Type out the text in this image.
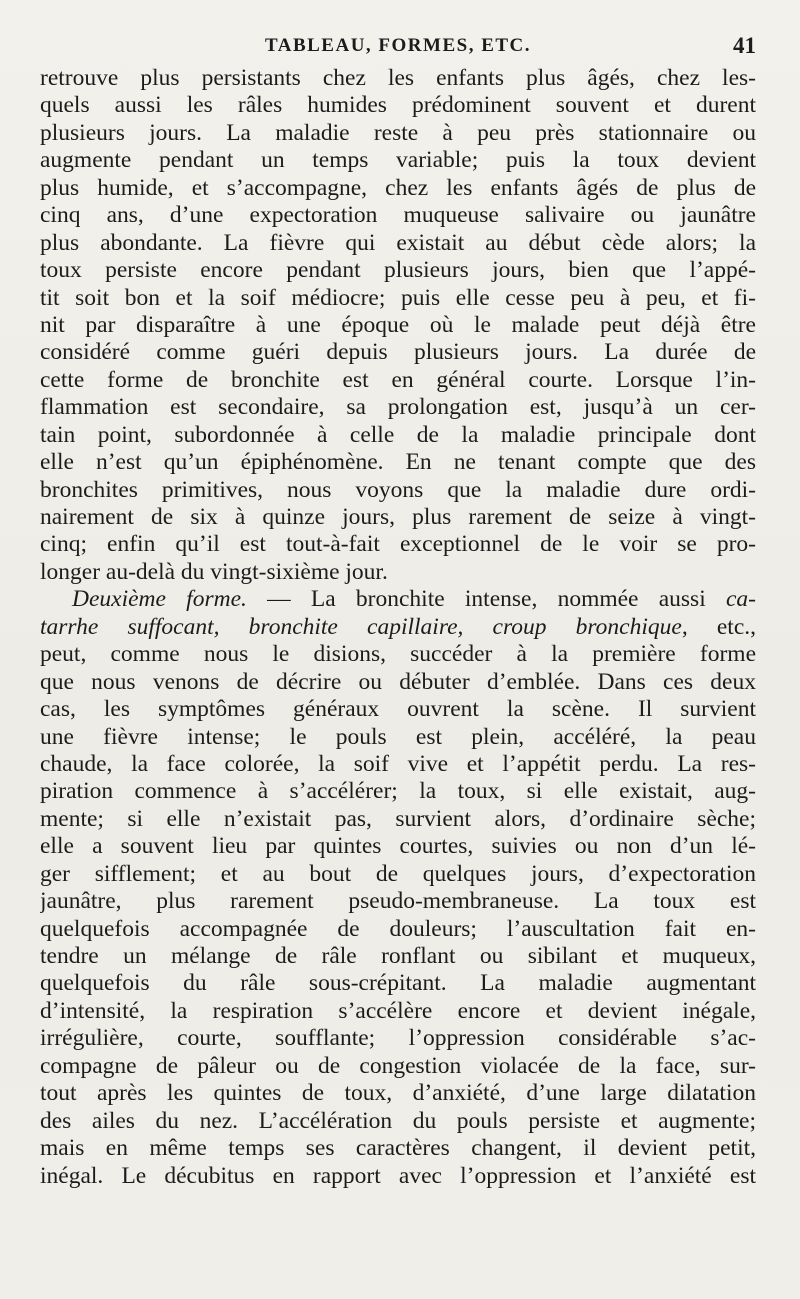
TABLEAU, FORMES, ETC.	41
retrouve plus persistants chez les enfants plus âgés, chez les-
quels aussi les râles humides prédominent souvent et durent
plusieurs jours. La maladie reste à peu près stationnaire ou
augmente pendant un temps variable; puis la toux devient
plus humide, et s’accompagne, chez les enfants âgés de plus de
cinq ans, d’une expectoration muqueuse salivaire ou jaunâtre
plus abondante. La fièvre qui existait au début cède alors; la
toux persiste encore pendant plusieurs jours, bien que l’appé-
tit soit bon et la soif médiocre; puis elle cesse peu à peu, et fi-
nit par disparaître à une époque où le malade peut déjà être
considéré comme guéri depuis plusieurs jours. La durée de
cette forme de bronchite est en général courte. Lorsque l’in-
flammation est secondaire, sa prolongation est, jusqu’à un cer-
tain point, subordonnée à celle de la maladie principale dont
elle n’est qu’un épiphénomène. En ne tenant compte que des
bronchites primitives, nous voyons que la maladie dure ordi-
nairement de six à quinze jours, plus rarement de seize à vingt-
cinq; enfin qu’il est tout-à-fait exceptionnel de le voir se pro-
longer au-delà du vingt-sixième jour.
Deuxième forme. — La bronchite intense, nommée aussi ca-
tarrhe suffocant, bronchite capillaire, croup bronchique, etc.,
peut, comme nous le disions, succéder à la première forme
que nous venons de décrire ou débuter d’emblée. Dans ces deux
cas, les symptômes généraux ouvrent la scène. Il survient
une fièvre intense; le pouls est plein, accéléré, la peau
chaude, la face colorée, la soif vive et l’appétit perdu. La res-
piration commence à s’accélérer; la toux, si elle existait, aug-
mente; si elle n’existait pas, survient alors, d’ordinaire sèche;
elle a souvent lieu par quintes courtes, suivies ou non d’un lé-
ger sifflement; et au bout de quelques jours, d’expectoration
jaunâtre, plus rarement pseudo-membraneuse. La toux est
quelquefois accompagnée de douleurs; l’auscultation fait en-
tendre un mélange de râle ronflant ou sibilant et muqueux,
quelquefois du râle sous-crépitant. La maladie augmentant
d’intensité, la respiration s’accélère encore et devient inégale,
irrégulière, courte, soufflante; l’oppression considérable s’ac-
compagne de pâleur ou de congestion violacée de la face, sur-
tout après les quintes de toux, d’anxiété, d’une large dilatation
des ailes du nez. L’accélération du pouls persiste et augmente;
mais en même temps ses caractères changent, il devient petit,
inégal. Le décubitus en rapport avec l’oppression et l’anxiété est
